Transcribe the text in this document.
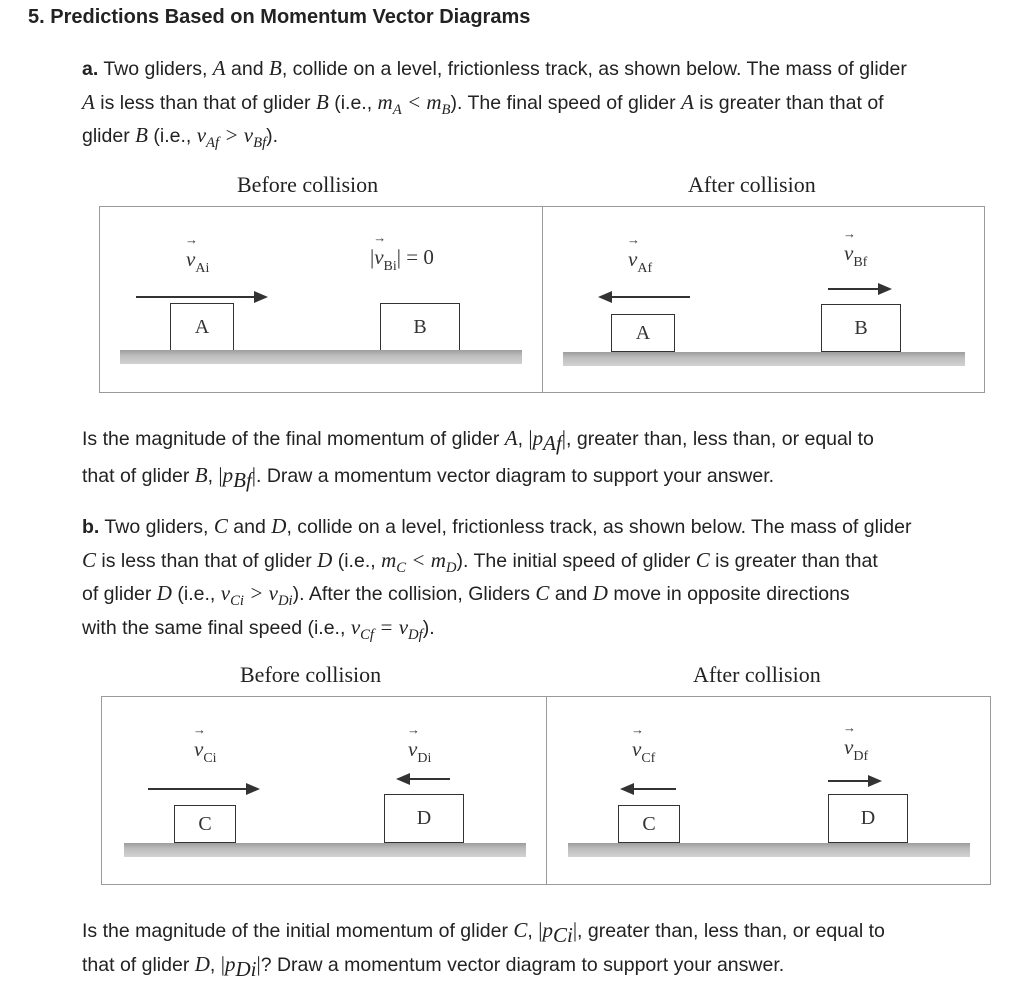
5. Predictions Based on Momentum Vector Diagrams
a. Two gliders, A and B, collide on a level, frictionless track, as shown below. The mass of glider
A is less than that of glider B (i.e., $m_A < m_B$). The final speed of glider A is greater than that of
glider B (i.e., $v_{Af} > v_{Bf}$).
Before collision	After collision
→ $v_{Ai}$
A
|→ $v_{Bi}| = 0$
B
→ $v_{Af}$
A
→ $v_{Bf}$
B
Is the magnitude of the final momentum of glider A, $|p_{Af}|$, greater than, less than, or equal to
that of glider B, $|p_{Bf}|$. Draw a momentum vector diagram to support your answer.
b. Two gliders, C and D, collide on a level, frictionless track, as shown below. The mass of glider
C is less than that of glider D (i.e., $m_C < m_D$). The initial speed of glider C is greater than that
of glider D (i.e., $v_{Ci} > v_{Di}$). After the collision, Gliders C and D move in opposite directions
with the same final speed (i.e., $v_{Cf} = v_{Df}$).
Before collision	After collision
→ $v_{Ci}$
C
→ $v_{Di}$
D
→ $v_{Cf}$
C
→ $v_{Df}$
D
Is the magnitude of the initial momentum of glider C, $|p_{Ci}|$, greater than, less than, or equal to
that of glider D, $|p_{Di}|$? Draw a momentum vector diagram to support your answer.
